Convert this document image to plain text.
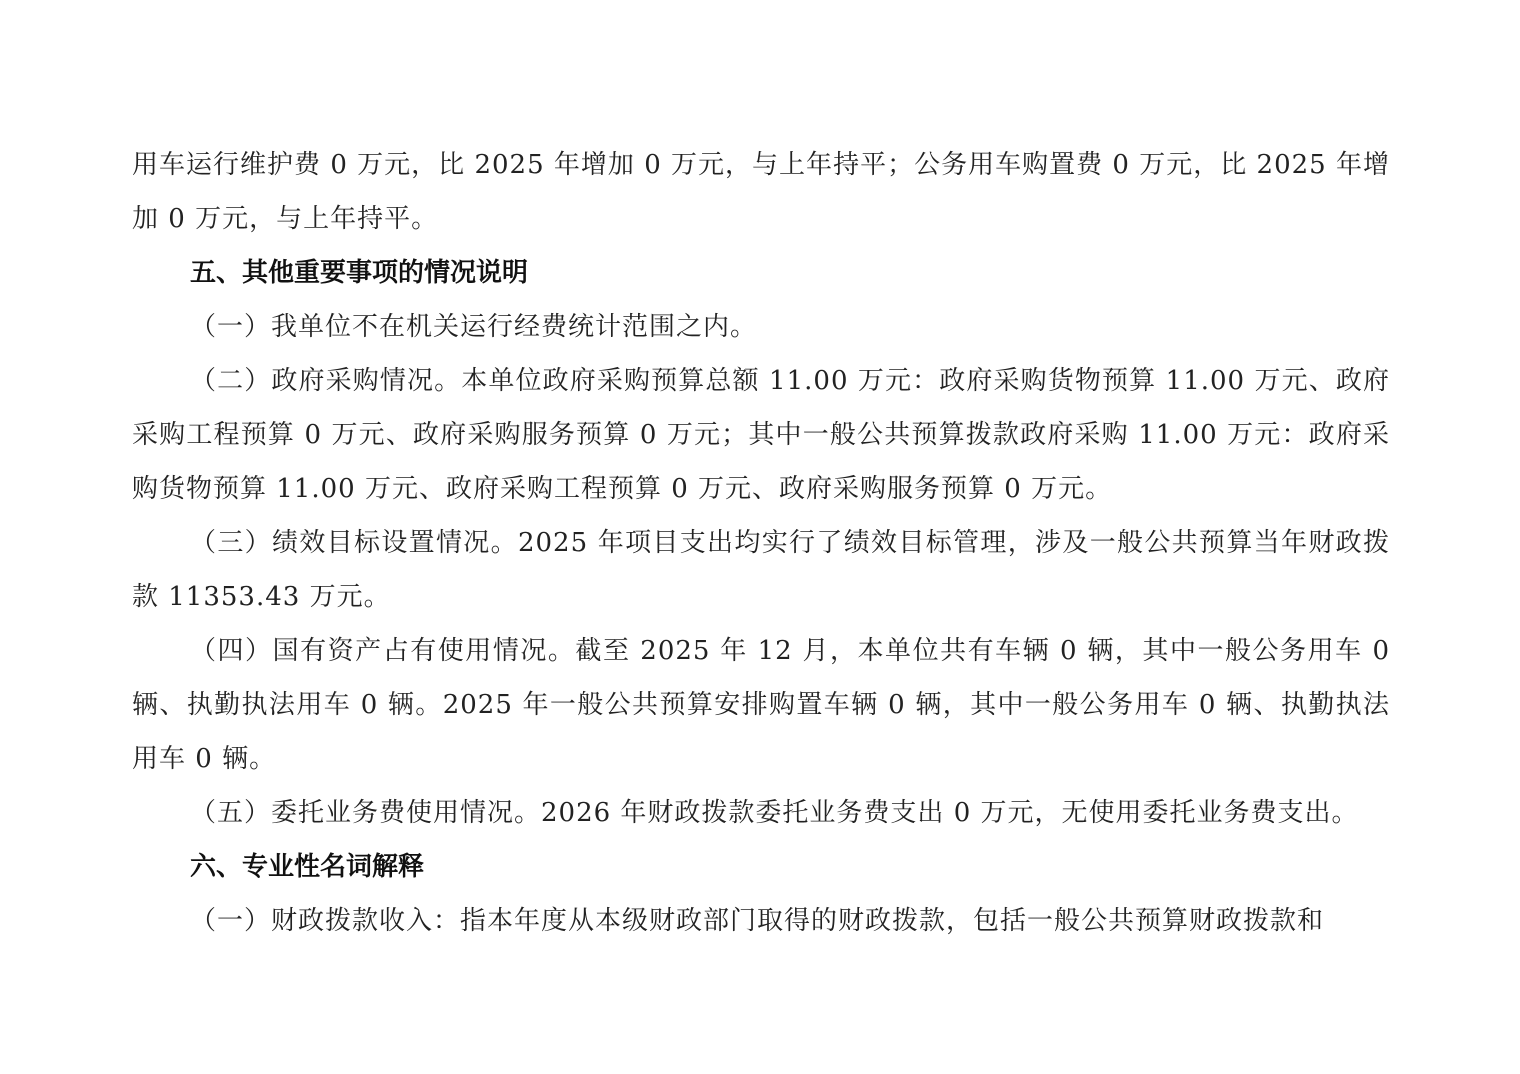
用车运行维护费 0 万元，比 2025 年增加 0 万元，与上年持平；公务用车购置费 0 万元，比 2025 年增加 0 万元，与上年持平。

五、其他重要事项的情况说明

（一）我单位不在机关运行经费统计范围之内。

（二）政府采购情况。本单位政府采购预算总额 11.00 万元：政府采购货物预算 11.00 万元、政府采购工程预算 0 万元、政府采购服务预算 0 万元；其中一般公共预算拨款政府采购 11.00 万元：政府采购货物预算 11.00 万元、政府采购工程预算 0 万元、政府采购服务预算 0 万元。

（三）绩效目标设置情况。2025 年项目支出均实行了绩效目标管理，涉及一般公共预算当年财政拨款 11353.43 万元。

（四）国有资产占有使用情况。截至 2025 年 12 月，本单位共有车辆 0 辆，其中一般公务用车 0 辆、执勤执法用车 0 辆。2025 年一般公共预算安排购置车辆 0 辆，其中一般公务用车 0 辆、执勤执法用车 0 辆。

（五）委托业务费使用情况。2026 年财政拨款委托业务费支出 0 万元，无使用委托业务费支出。

六、专业性名词解释

（一）财政拨款收入：指本年度从本级财政部门取得的财政拨款，包括一般公共预算财政拨款和
